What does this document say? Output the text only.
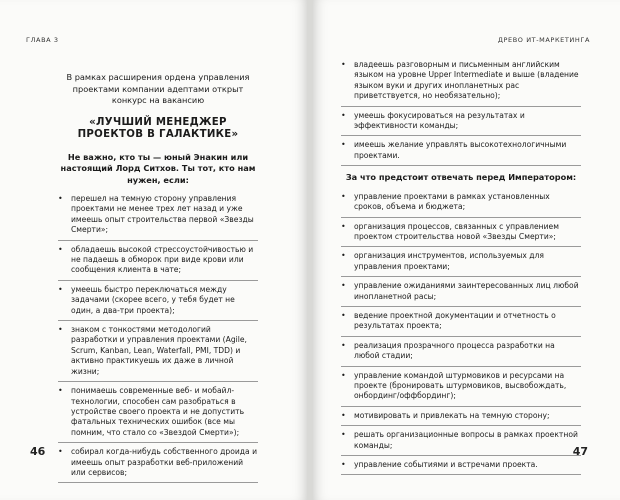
ГЛАВА 3
В рамках расширения ордена управления проектами компании адептами открыт конкурс на вакансию
«ЛУЧШИЙ МЕНЕДЖЕР ПРОЕКТОВ В ГАЛАКТИКЕ»
Не важно, кто ты — юный Энакин или настоящий Лорд Ситхов. Ты тот, кто нам нужен, если:
• перешел на темную сторону управления проектами не менее трех лет назад и уже имеешь опыт строительства первой «Звезды Смерти»;
• обладаешь высокой стрессоустойчивостью и не падаешь в обморок при виде крови или сообщения клиента в чате;
• умеешь быстро переключаться между задачами (скорее всего, у тебя будет не один, а два-три проекта);
• знаком с тонкостями методологий разработки и управления проектами (Agile, Scrum, Kanban, Lean, Waterfall, PMI, TDD) и активно практикуешь их даже в личной жизни;
• понимаешь современные веб- и мобайл-технологии, способен сам разобраться в устройстве своего проекта и не допустить фатальных технических ошибок (все мы помним, что стало со «Звездой Смерти»);
• собирал когда-нибудь собственного дроида и имеешь опыт разработки веб-приложений или сервисов;
46
ДРЕВО ИТ-МАРКЕТИНГА
• владеешь разговорным и письменным английским языком на уровне Upper Intermediate и выше (владение языком вуки и других инопланетных рас приветствуется, но необязательно);
• умеешь фокусироваться на результатах и эффективности команды;
• имеешь желание управлять высокотехнологичными проектами.
За что предстоит отвечать перед Императором:
• управление проектами в рамках установленных сроков, объема и бюджета;
• организация процессов, связанных с управлением проектом строительства новой «Звезды Смерти»;
• организация инструментов, используемых для управления проектами;
• управление ожиданиями заинтересованных лиц любой инопланетной расы;
• ведение проектной документации и отчетность о результатах проекта;
• реализация прозрачного процесса разработки на любой стадии;
• управление командой штурмовиков и ресурсами на проекте (бронировать штурмовиков, высвобождать, онбординг/оффбординг);
• мотивировать и привлекать на темную сторону;
• решать организационные вопросы в рамках проектной команды;
• управление событиями и встречами проекта.
47
